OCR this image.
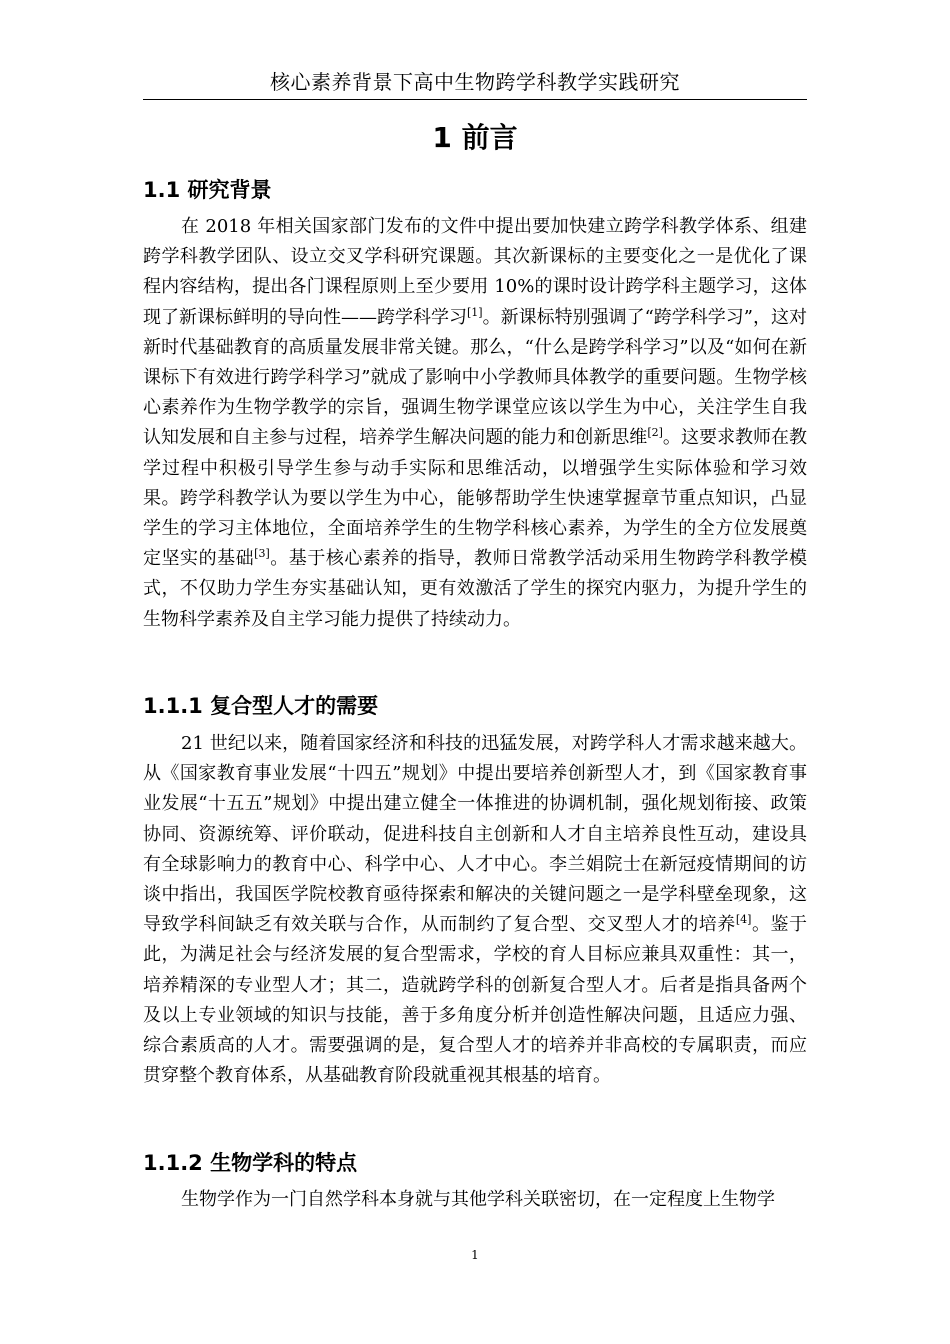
核心素养背景下高中生物跨学科教学实践研究
1 前言
1.1 研究背景

在 2018 年相关国家部门发布的文件中提出要加快建立跨学科教学体系、组建跨学科教学团队、设立交叉学科研究课题。其次新课标的主要变化之一是优化了课程内容结构，提出各门课程原则上至少要用 10%的课时设计跨学科主题学习，这体现了新课标鲜明的导向性——跨学科学习[1]。新课标特别强调了“跨学科学习”，这对新时代基础教育的高质量发展非常关键。那么，“什么是跨学科学习”以及“如何在新课标下有效进行跨学科学习”就成了影响中小学教师具体教学的重要问题。生物学核心素养作为生物学教学的宗旨，强调生物学课堂应该以学生为中心，关注学生自我认知发展和自主参与过程，培养学生解决问题的能力和创新思维[2]。这要求教师在教学过程中积极引导学生参与动手实际和思维活动，以增强学生实际体验和学习效果。跨学科教学认为要以学生为中心，能够帮助学生快速掌握章节重点知识，凸显学生的学习主体地位，全面培养学生的生物学科核心素养，为学生的全方位发展奠定坚实的基础[3]。基于核心素养的指导，教师日常教学活动采用生物跨学科教学模式，不仅助力学生夯实基础认知，更有效激活了学生的探究内驱力，为提升学生的生物科学素养及自主学习能力提供了持续动力。

1.1.1 复合型人才的需要

21 世纪以来，随着国家经济和科技的迅猛发展，对跨学科人才需求越来越大。从《国家教育事业发展“十四五”规划》中提出要培养创新型人才，到《国家教育事业发展“十五五”规划》中提出建立健全一体推进的协调机制，强化规划衔接、政策协同、资源统筹、评价联动，促进科技自主创新和人才自主培养良性互动，建设具有全球影响力的教育中心、科学中心、人才中心。李兰娟院士在新冠疫情期间的访谈中指出，我国医学院校教育亟待探索和解决的关键问题之一是学科壁垒现象，这导致学科间缺乏有效关联与合作，从而制约了复合型、交叉型人才的培养[4]。鉴于此，为满足社会与经济发展的复合型需求，学校的育人目标应兼具双重性：其一，培养精深的专业型人才；其二，造就跨学科的创新复合型人才。后者是指具备两个及以上专业领域的知识与技能，善于多角度分析并创造性解决问题，且适应力强、综合素质高的人才。需要强调的是，复合型人才的培养并非高校的专属职责，而应贯穿整个教育体系，从基础教育阶段就重视其根基的培育。

1.1.2 生物学科的特点

生物学作为一门自然学科本身就与其他学科关联密切，在一定程度上生物学

1
